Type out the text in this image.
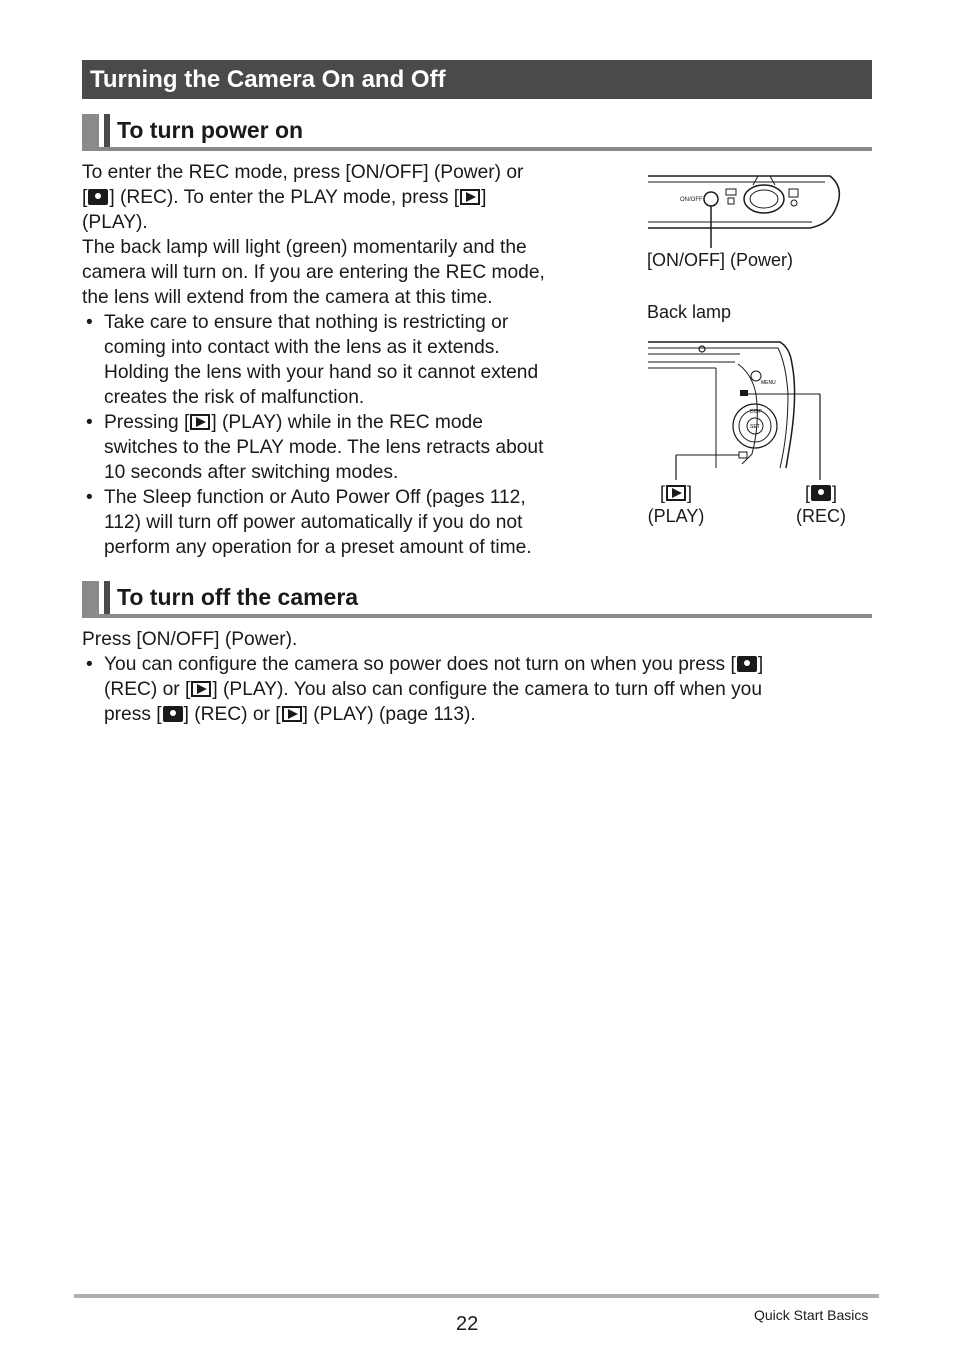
Turning the Camera On and Off
To turn power on
To enter the REC mode, press [ON/OFF] (Power) or
[ ] (REC). To enter the PLAY mode, press [ ]
(PLAY).
The back lamp will light (green) momentarily and the
camera will turn on. If you are entering the REC mode,
the lens will extend from the camera at this time.
• Take care to ensure that nothing is restricting or
coming into contact with the lens as it extends.
Holding the lens with your hand so it cannot extend
creates the risk of malfunction.
• Pressing [ ] (PLAY) while in the REC mode
switches to the PLAY mode. The lens retracts about
10 seconds after switching modes.
• The Sleep function or Auto Power Off (pages 112,
112) will turn off power automatically if you do not
perform any operation for a preset amount of time.
ON/OFF
[ON/OFF] (Power)
Back lamp
MENU
SET
DISP
[ ]
(PLAY)
[ ]
(REC)
To turn off the camera
Press [ON/OFF] (Power).
• You can configure the camera so power does not turn on when you press [ ]
(REC) or [ ] (PLAY). You also can configure the camera to turn off when you
press [ ] (REC) or [ ] (PLAY) (page 113).
22	Quick Start Basics
